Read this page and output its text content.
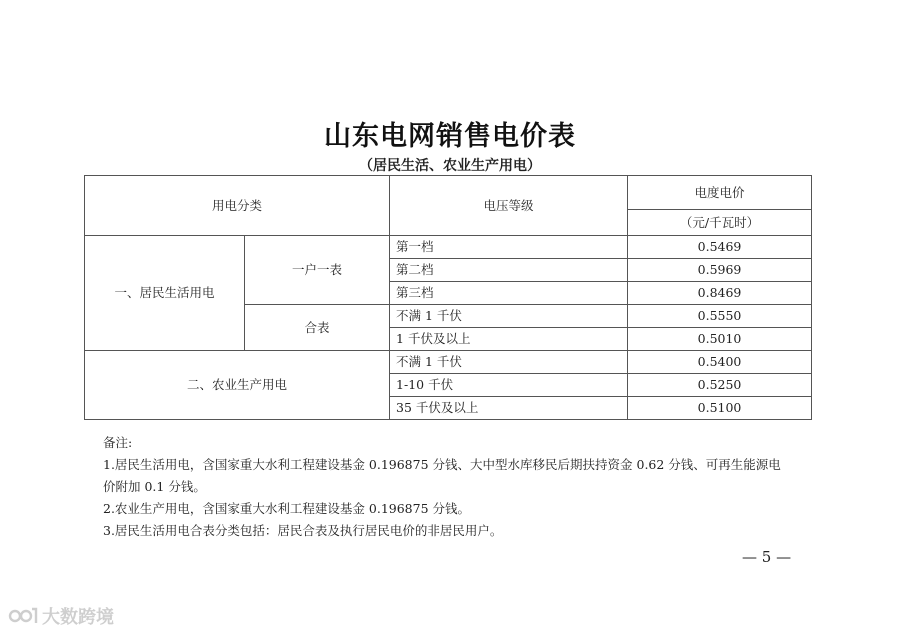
山东电网销售电价表
（居民生活、农业生产用电）
用电分类		电压等级	电度电价
			（元/千瓦时）
一、居民生活用电	一户一表	第一档	0.5469
		第二档	0.5969
		第三档	0.8469
	合表	不满 1 千伏	0.5550
		1 千伏及以上	0.5010
二、农业生产用电		不满 1 千伏	0.5400
		1-10 千伏	0.5250
		35 千伏及以上	0.5100
备注:
1.居民生活用电，含国家重大水利工程建设基金 0.196875 分钱、大中型水库移民后期扶持资金 0.62 分钱、可再生能源电
价附加 0.1 分钱。
2.农业生产用电，含国家重大水利工程建设基金 0.196875 分钱。
3.居民生活用电合表分类包括：居民合表及执行居民电价的非居民用户。
— 5 —
大数跨境
